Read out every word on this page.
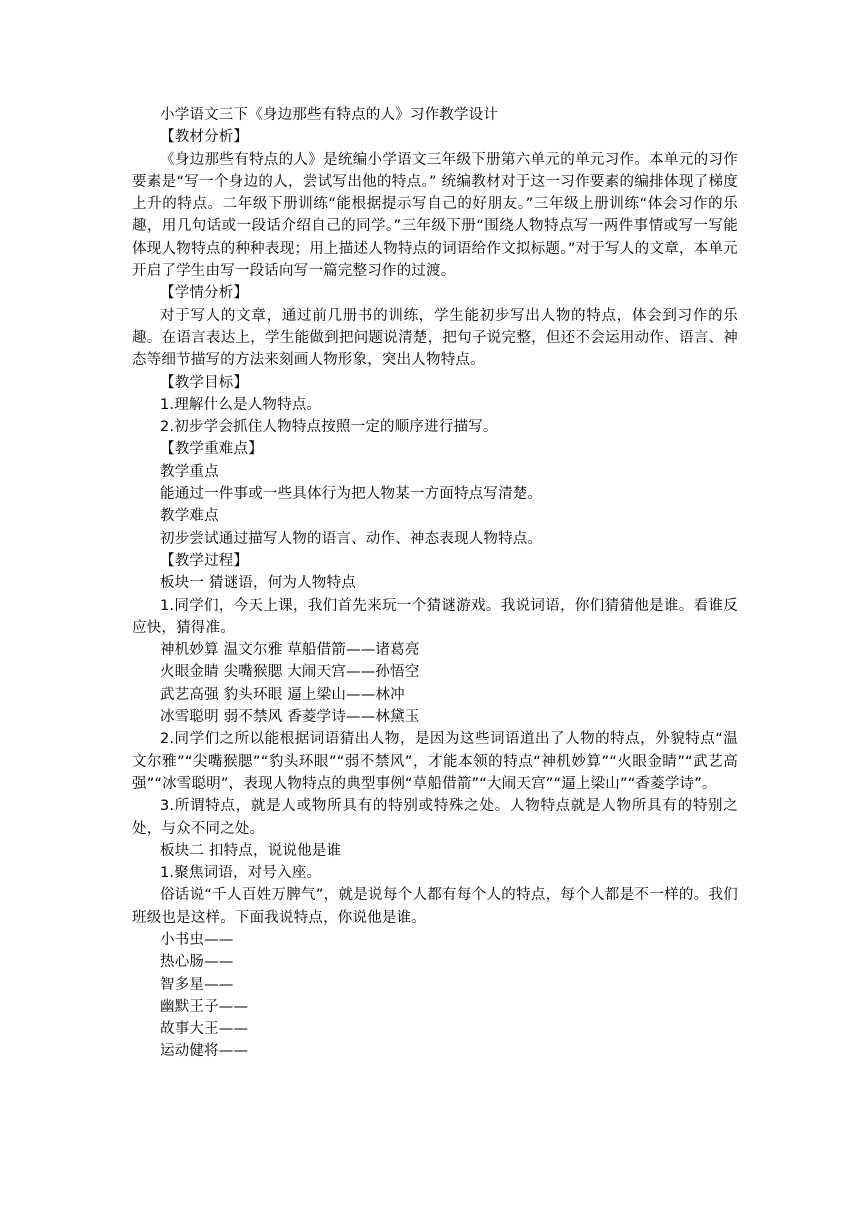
小学语文三下《身边那些有特点的人》习作教学设计
【教材分析】
《身边那些有特点的人》是统编小学语文三年级下册第六单元的单元习作。本单元的习作要素是“写一个身边的人，尝试写出他的特点。” 统编教材对于这一习作要素的编排体现了梯度上升的特点。二年级下册训练“能根据提示写自己的好朋友。”三年级上册训练“体会习作的乐趣，用几句话或一段话介绍自己的同学。”三年级下册“围绕人物特点写一两件事情或写一写能体现人物特点的种种表现；用上描述人物特点的词语给作文拟标题。”对于写人的文章，本单元开启了学生由写一段话向写一篇完整习作的过渡。
【学情分析】
对于写人的文章，通过前几册书的训练，学生能初步写出人物的特点，体会到习作的乐趣。在语言表达上，学生能做到把问题说清楚，把句子说完整，但还不会运用动作、语言、神态等细节描写的方法来刻画人物形象，突出人物特点。
【教学目标】
1.理解什么是人物特点。
2.初步学会抓住人物特点按照一定的顺序进行描写。
【教学重难点】
教学重点
能通过一件事或一些具体行为把人物某一方面特点写清楚。
教学难点
初步尝试通过描写人物的语言、动作、神态表现人物特点。
【教学过程】
板块一 猜谜语，何为人物特点
1.同学们，今天上课，我们首先来玩一个猜谜游戏。我说词语，你们猜猜他是谁。看谁反应快，猜得准。
神机妙算 温文尔雅 草船借箭——诸葛亮
火眼金睛 尖嘴猴腮 大闹天宫——孙悟空
武艺高强 豹头环眼 逼上梁山——林冲
冰雪聪明 弱不禁风 香菱学诗——林黛玉
2.同学们之所以能根据词语猜出人物，是因为这些词语道出了人物的特点，外貌特点“温文尔雅”“尖嘴猴腮”“豹头环眼”“弱不禁风”，才能本领的特点“神机妙算”“火眼金睛”“武艺高强”“冰雪聪明”，表现人物特点的典型事例“草船借箭”“大闹天宫”“逼上梁山”“香菱学诗”。
3.所谓特点，就是人或物所具有的特别或特殊之处。人物特点就是人物所具有的特别之处，与众不同之处。
板块二 扣特点，说说他是谁
1.聚焦词语，对号入座。
俗话说“千人百姓万脾气”，就是说每个人都有每个人的特点，每个人都是不一样的。我们班级也是这样。下面我说特点，你说他是谁。
小书虫——
热心肠——
智多星——
幽默王子——
故事大王——
运动健将——
